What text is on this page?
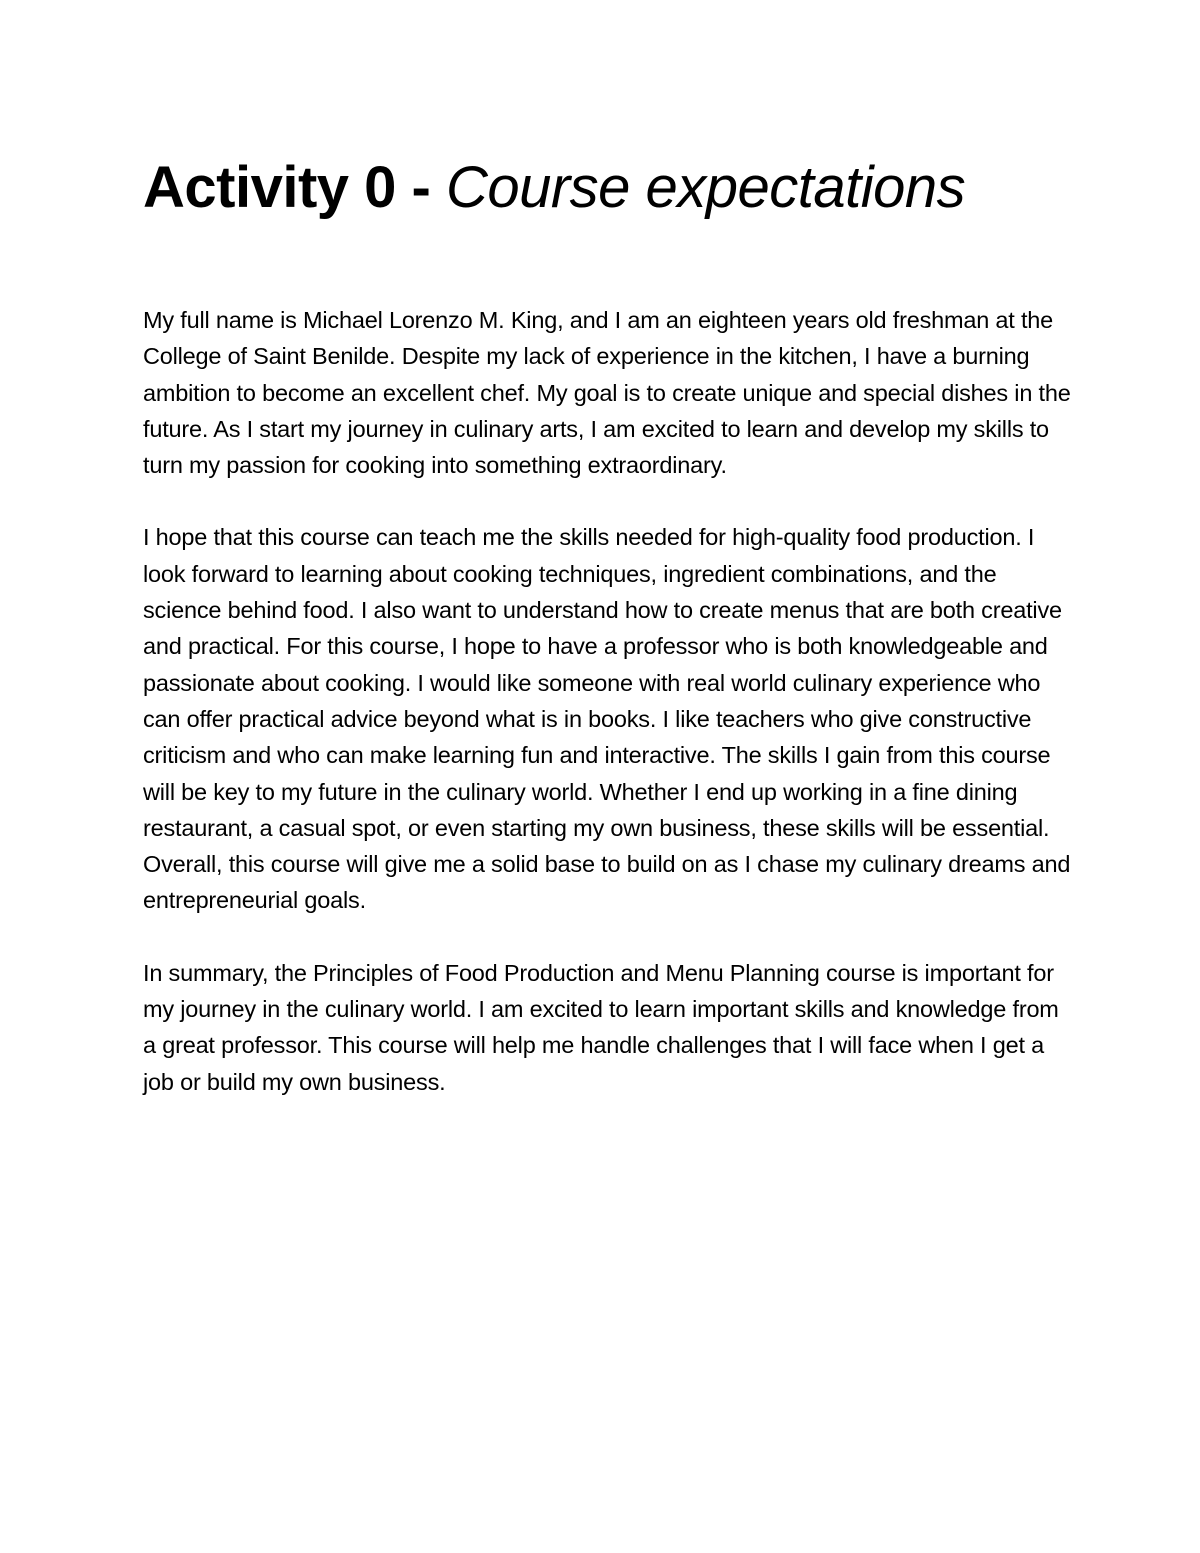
Activity 0 - Course expectations

My full name is Michael Lorenzo M. King, and I am an eighteen years old freshman at the College of Saint Benilde. Despite my lack of experience in the kitchen, I have a burning ambition to become an excellent chef. My goal is to create unique and special dishes in the future. As I start my journey in culinary arts, I am excited to learn and develop my skills to turn my passion for cooking into something extraordinary.

I hope that this course can teach me the skills needed for high-quality food production. I look forward to learning about cooking techniques, ingredient combinations, and the science behind food. I also want to understand how to create menus that are both creative and practical. For this course, I hope to have a professor who is both knowledgeable and passionate about cooking. I would like someone with real world culinary experience who can offer practical advice beyond what is in books. I like teachers who give constructive criticism and who can make learning fun and interactive. The skills I gain from this course will be key to my future in the culinary world. Whether I end up working in a fine dining restaurant, a casual spot, or even starting my own business, these skills will be essential. Overall, this course will give me a solid base to build on as I chase my culinary dreams and entrepreneurial goals.

In summary, the Principles of Food Production and Menu Planning course is important for my journey in the culinary world. I am excited to learn important skills and knowledge from a great professor. This course will help me handle challenges that I will face when I get a job or build my own business.
